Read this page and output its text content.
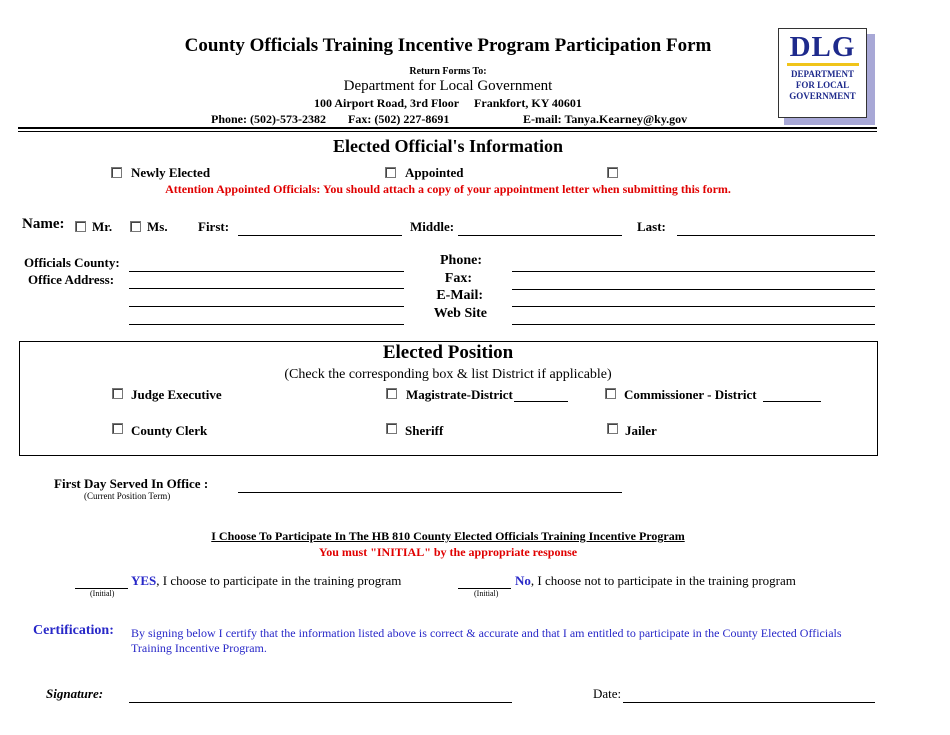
County Officials Training Incentive Program Participation Form
Return Forms To:
Department for Local Government
100 Airport Road, 3rd Floor Frankfort, KY 40601
Phone: (502)-573-2382 Fax: (502) 227-8691	E-mail: Tanya.Kearney@ky.gov
DLG
DEPARTMENT
FOR LOCAL
GOVERNMENT
Elected Official's Information
Newly Elected	Appointed
Attention Appointed Officials: You should attach a copy of your appointment letter when submitting this form.
Name: Mr.	Ms. First:	Middle:	Last:
Officials County:
Office Address:
Phone:
Fax:
E-Mail:
Web Site
Elected Position
(Check the corresponding box & list District if applicable)
Judge Executive	Magistrate-District	Commissioner - District
County Clerk	Sheriff	Jailer
First Day Served In Office :
(Current Position Term)
I Choose To Participate In The HB 810 County Elected Officials Training Incentive Program
You must "INITIAL" by the appropriate response
(Initial)
YES, I choose to participate in the training program
(Initial)
No, I choose not to participate in the training program
Certification: By signing below I certify that the information listed above is correct & accurate and that I am entitled to participate in the County Elected Officials Training Incentive Program.
Signature:	Date:
